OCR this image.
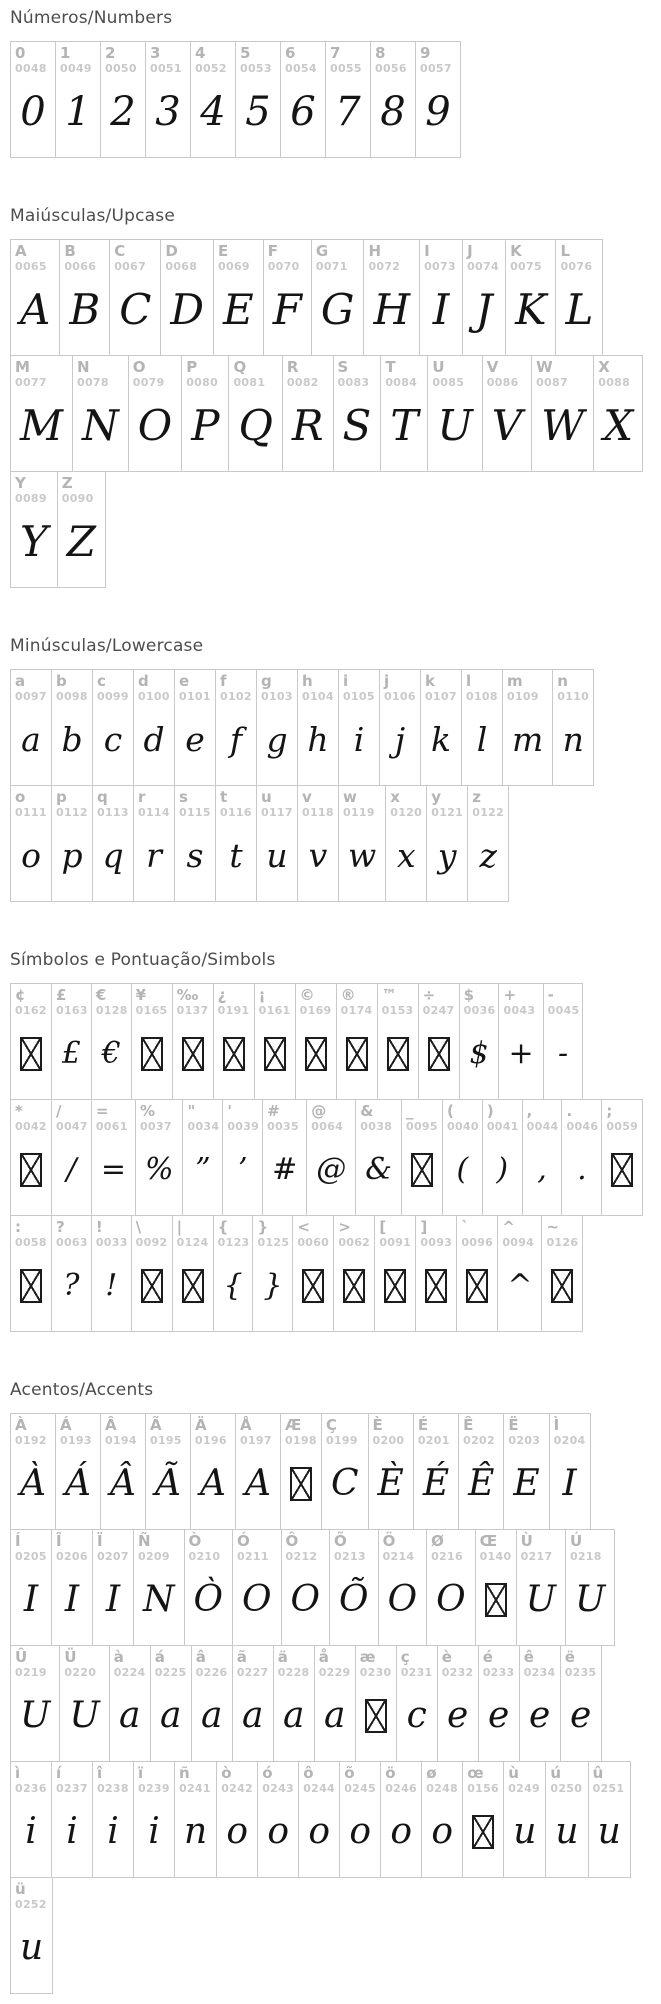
Números/Numbers
0
0048
0
1
0049
1
2
0050
2
3
0051
3
4
0052
4
5
0053
5
6
0054
6
7
0055
7
8
0056
8
9
0057
9
Maiúsculas/Upcase
A
0065
A
B
0066
B
C
0067
C
D
0068
D
E
0069
E
F
0070
F
G
0071
G
H
0072
H
I
0073
I
J
0074
J
K
0075
K
L
0076
L
M
0077
M
N
0078
N
O
0079
O
P
0080
P
Q
0081
Q
R
0082
R
S
0083
S
T
0084
T
U
0085
U
V
0086
V
W
0087
W
X
0088
X
Y
0089
Y
Z
0090
Z
Minúsculas/Lowercase
a
0097
a
b
0098
b
c
0099
c
d
0100
d
e
0101
e
f
0102
f
g
0103
g
h
0104
h
i
0105
i
j
0106
j
k
0107
k
l
0108
l
m
0109
m
n
0110
n
o
0111
o
p
0112
p
q
0113
q
r
0114
r
s
0115
s
t
0116
t
u
0117
u
v
0118
v
w
0119
w
x
0120
x
y
0121
y
z
0122
z
Símbolos e Pontuação/Simbols
¢
0162
£
0163
£
€
0128
€
¥
0165
‰
0137
¿
0191
¡
0161
©
0169
®
0174
™
0153
÷
0247
$
0036
$
+
0043
+
-
0045
-
*
0042
/
0047
/
=
0061
=
%
0037
%
"
0034
”
'
0039
’
#
0035
#
@
0064
@
&
0038
&
_
0095
(
0040
(
)
0041
)
,
0044
,
.
0046
.
;
0059
:
0058
?
0063
?
!
0033
!
\
0092
|
0124
{
0123
{
}
0125
}
<
0060
>
0062
[
0091
]
0093
`
0096
^
0094
^
~
0126
Acentos/Accents
À
0192
À
Á
0193
Á
Â
0194
Â
Ã
0195
Ã
Ä
0196
A
Å
0197
A
Æ
0198
Ç
0199
C
È
0200
È
É
0201
É
Ê
0202
Ê
Ë
0203
E
Ì
0204
I
Í
0205
I
Î
0206
I
Ï
0207
I
Ñ
0209
N
Ò
0210
Ò
Ó
0211
O
Ô
0212
O
Õ
0213
Õ
Ö
0214
O
Ø
0216
O
Œ
0140
Ù
0217
U
Ú
0218
U
Û
0219
U
Ü
0220
U
à
0224
a
á
0225
a
â
0226
a
ã
0227
a
ä
0228
a
å
0229
a
æ
0230
ç
0231
c
è
0232
e
é
0233
e
ê
0234
e
ë
0235
e
ì
0236
i
í
0237
i
î
0238
i
ï
0239
i
ñ
0241
n
ò
0242
o
ó
0243
o
ô
0244
o
õ
0245
o
ö
0246
o
ø
0248
o
œ
0156
ù
0249
u
ú
0250
u
û
0251
u
ü
0252
u
